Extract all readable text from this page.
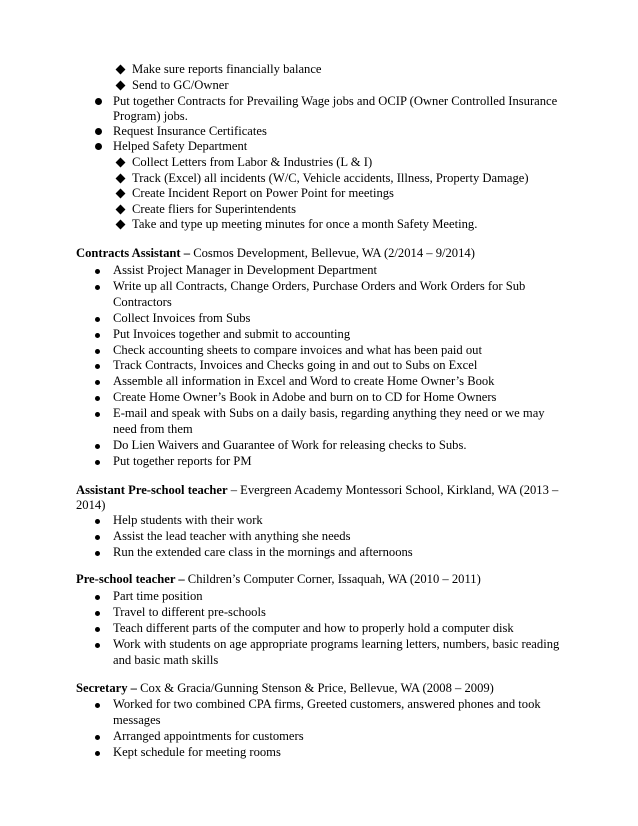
Make sure reports financially balance
Send to GC/Owner
Put together Contracts for Prevailing Wage jobs and OCIP (Owner Controlled Insurance
Program) jobs.
Request Insurance Certificates
Helped Safety Department
Collect Letters from Labor & Industries (L & I)
Track (Excel) all incidents (W/C, Vehicle accidents, Illness, Property Damage)
Create Incident Report on Power Point for meetings
Create fliers for Superintendents
Take and type up meeting minutes for once a month Safety Meeting.
Contracts Assistant – Cosmos Development, Bellevue, WA (2/2014 – 9/2014)
Assist Project Manager in Development Department
Write up all Contracts, Change Orders, Purchase Orders and Work Orders for Sub
Contractors
Collect Invoices from Subs
Put Invoices together and submit to accounting
Check accounting sheets to compare invoices and what has been paid out
Track Contracts, Invoices and Checks going in and out to Subs on Excel
Assemble all information in Excel and Word to create Home Owner’s Book
Create Home Owner’s Book in Adobe and burn on to CD for Home Owners
E-mail and speak with Subs on a daily basis, regarding anything they need or we may
need from them
Do Lien Waivers and Guarantee of Work for releasing checks to Subs.
Put together reports for PM
Assistant Pre-school teacher – Evergreen Academy Montessori School, Kirkland, WA (2013 –
2014)
Help students with their work
Assist the lead teacher with anything she needs
Run the extended care class in the mornings and afternoons
Pre-school teacher – Children’s Computer Corner, Issaquah, WA (2010 – 2011)
Part time position
Travel to different pre-schools
Teach different parts of the computer and how to properly hold a computer disk
Work with students on age appropriate programs learning letters, numbers, basic reading
and basic math skills
Secretary – Cox & Gracia/Gunning Stenson & Price, Bellevue, WA (2008 – 2009)
Worked for two combined CPA firms, Greeted customers, answered phones and took
messages
Arranged appointments for customers
Kept schedule for meeting rooms
